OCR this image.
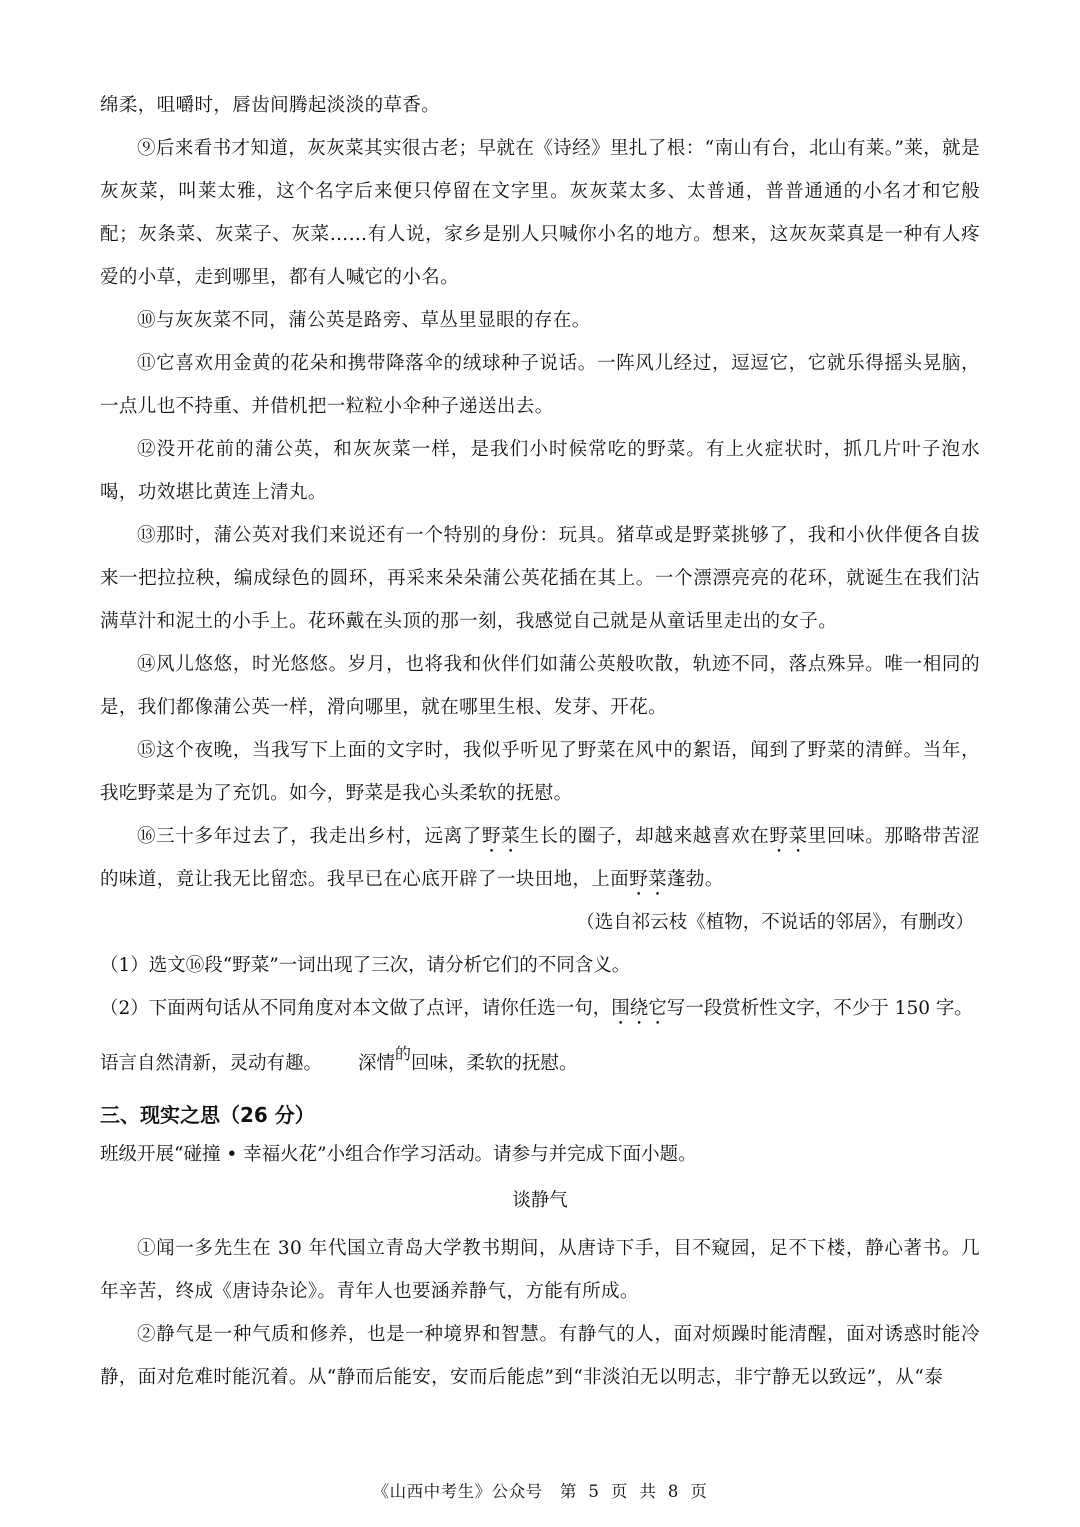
绵柔，咀嚼时，唇齿间腾起淡淡的草香。

⑨后来看书才知道，灰灰菜其实很古老；早就在《诗经》里扎了根：“南山有台，北山有莱。”莱，就是灰灰菜，叫莱太雅，这个名字后来便只停留在文字里。灰灰菜太多、太普通，普普通通的小名才和它般配；灰条菜、灰菜子、灰菜……有人说，家乡是别人只喊你小名的地方。想来，这灰灰菜真是一种有人疼爱的小草，走到哪里，都有人喊它的小名。

⑩与灰灰菜不同，蒲公英是路旁、草丛里显眼的存在。

⑪它喜欢用金黄的花朵和携带降落伞的绒球种子说话。一阵风儿经过，逗逗它，它就乐得摇头晃脑，一点儿也不持重、并借机把一粒粒小伞种子递送出去。

⑫没开花前的蒲公英，和灰灰菜一样，是我们小时候常吃的野菜。有上火症状时，抓几片叶子泡水喝，功效堪比黄连上清丸。

⑬那时，蒲公英对我们来说还有一个特别的身份：玩具。猪草或是野菜挑够了，我和小伙伴便各自拔来一把拉拉秧，编成绿色的圆环，再采来朵朵蒲公英花插在其上。一个漂漂亮亮的花环，就诞生在我们沾满草汁和泥土的小手上。花环戴在头顶的那一刻，我感觉自己就是从童话里走出的女子。

⑭风儿悠悠，时光悠悠。岁月，也将我和伙伴们如蒲公英般吹散，轨迹不同，落点殊异。唯一相同的是，我们都像蒲公英一样，滑向哪里，就在哪里生根、发芽、开花。

⑮这个夜晚，当我写下上面的文字时，我似乎听见了野菜在风中的絮语，闻到了野菜的清鲜。当年，我吃野菜是为了充饥。如今，野菜是我心头柔软的抚慰。

⑯三十多年过去了，我走出乡村，远离了野菜生长的圈子，却越来越喜欢在野菜里回味。那略带苦涩的味道，竟让我无比留恋。我早已在心底开辟了一块田地，上面野菜蓬勃。

（选自祁云枝《植物，不说话的邻居》，有删改）

（1）选文⑯段“野菜”一词出现了三次，请分析它们的不同含义。

（2）下面两句话从不同角度对本文做了点评，请你任选一句，围绕它写一段赏析性文字，不少于 150 字。

语言自然清新，灵动有趣。 深情的回味，柔软的抚慰。

三、现实之思（26 分）

班级开展“碰撞 • 幸福火花”小组合作学习活动。请参与并完成下面小题。

谈静气

①闻一多先生在 30 年代国立青岛大学教书期间，从唐诗下手，目不窥园，足不下楼，静心著书。几年辛苦，终成《唐诗杂论》。青年人也要涵养静气，方能有所成。

②静气是一种气质和修养，也是一种境界和智慧。有静气的人，面对烦躁时能清醒，面对诱惑时能冷静，面对危难时能沉着。从“静而后能安，安而后能虑”到“非淡泊无以明志，非宁静无以致远”，从“泰

《山西中考生》公众号   第  5  页  共  8  页
